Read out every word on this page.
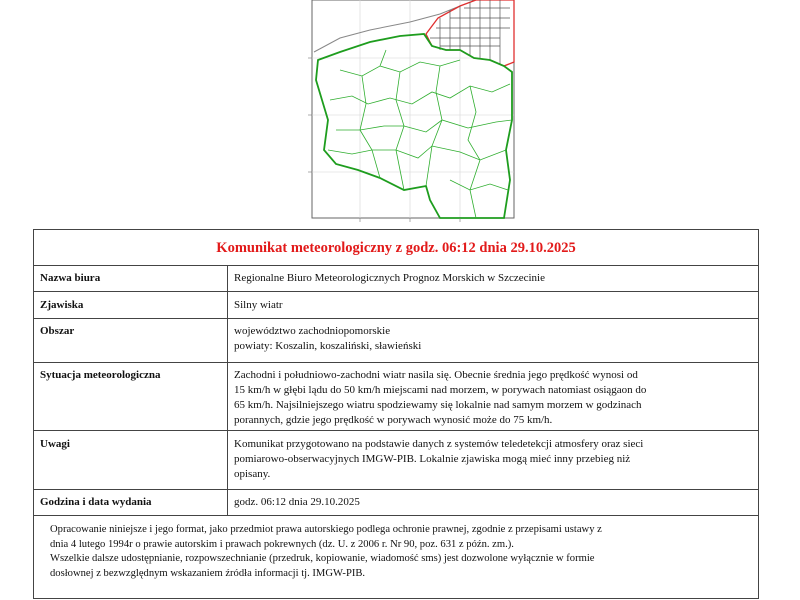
Komunikat meteorologiczny z godz. 06:12 dnia 29.10.2025
Nazwa biura	Regionalne Biuro Meteorologicznych Prognoz Morskich w Szczecinie

Zjawiska	Silny wiatr

Obszar	województwo zachodniopomorskie
powiaty: Koszalin, koszaliński, sławieński

Sytuacja meteorologiczna	Zachodni i południowo-zachodni wiatr nasila się. Obecnie średnia jego prędkość wynosi od
15 km/h w głębi lądu do 50 km/h miejscami nad morzem, w porywach natomiast osiągaon do
65 km/h. Najsilniejszego wiatru spodziewamy się lokalnie nad samym morzem w godzinach
porannych, gdzie jego prędkość w porywach wynosić może do 75 km/h.

Uwagi	Komunikat przygotowano na podstawie danych z systemów teledetekcji atmosfery oraz sieci
pomiarowo-obserwacyjnych IMGW-PIB. Lokalnie zjawiska mogą mieć inny przebieg niż
opisany.

Godzina i data wydania	godz. 06:12 dnia 29.10.2025

Opracowanie niniejsze i jego format, jako przedmiot prawa autorskiego podlega ochronie prawnej, zgodnie z przepisami ustawy z
dnia 4 lutego 1994r o prawie autorskim i prawach pokrewnych (dz. U. z 2006 r. Nr 90, poz. 631 z późn. zm.).

Wszelkie dalsze udostępnianie, rozpowszechnianie (przedruk, kopiowanie, wiadomość sms) jest dozwolone wyłącznie w formie
dosłownej z bezwzględnym wskazaniem źródła informacji tj. IMGW-PIB.
